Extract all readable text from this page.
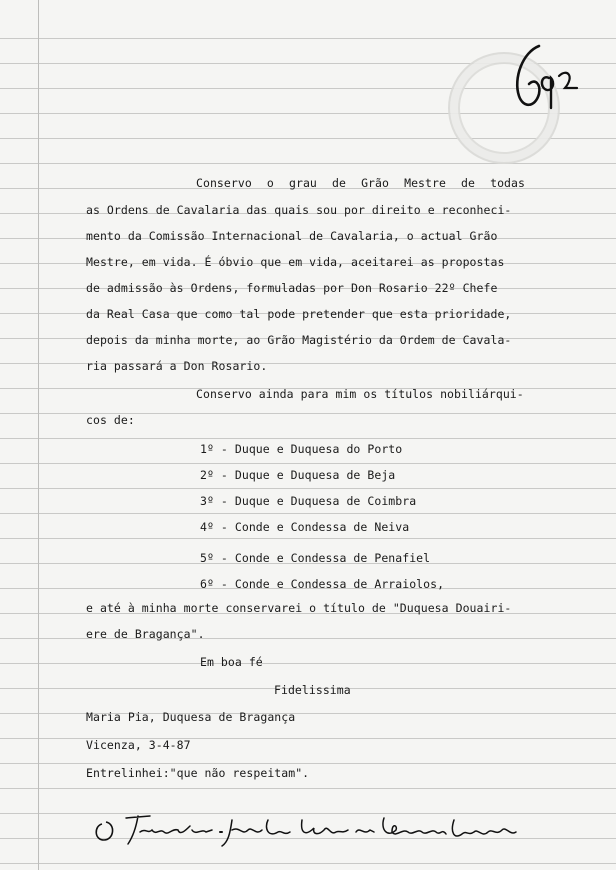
Conservo o grau de Grão Mestre de todas
as Ordens de Cavalaria das quais sou por direito e reconheci-
mento da Comissão Internacional de Cavalaria, o actual Grão
Mestre, em vida. É óbvio que em vida, aceitarei as propostas
de admissão às Ordens, formuladas por Don Rosario 22º Chefe
da Real Casa que como tal pode pretender que esta prioridade,
depois da minha morte, ao Grão Magistério da Ordem de Cavala-
ria passará a Don Rosario.
Conservo ainda para mim os títulos nobiliárqui-
cos de:
1º - Duque e Duquesa do Porto
2º - Duque e Duquesa de Beja
3º - Duque e Duquesa de Coimbra
4º - Conde e Condessa de Neiva
5º - Conde e Condessa de Penafiel
6º - Conde e Condessa de Arraiolos,
e até à minha morte conservarei o título de "Duquesa Douairi-
ere de Bragança".
Em boa fé
Fidelissima
Maria Pia, Duquesa de Bragança
Vicenza, 3-4-87
Entrelinhei:"que não respeitam".
